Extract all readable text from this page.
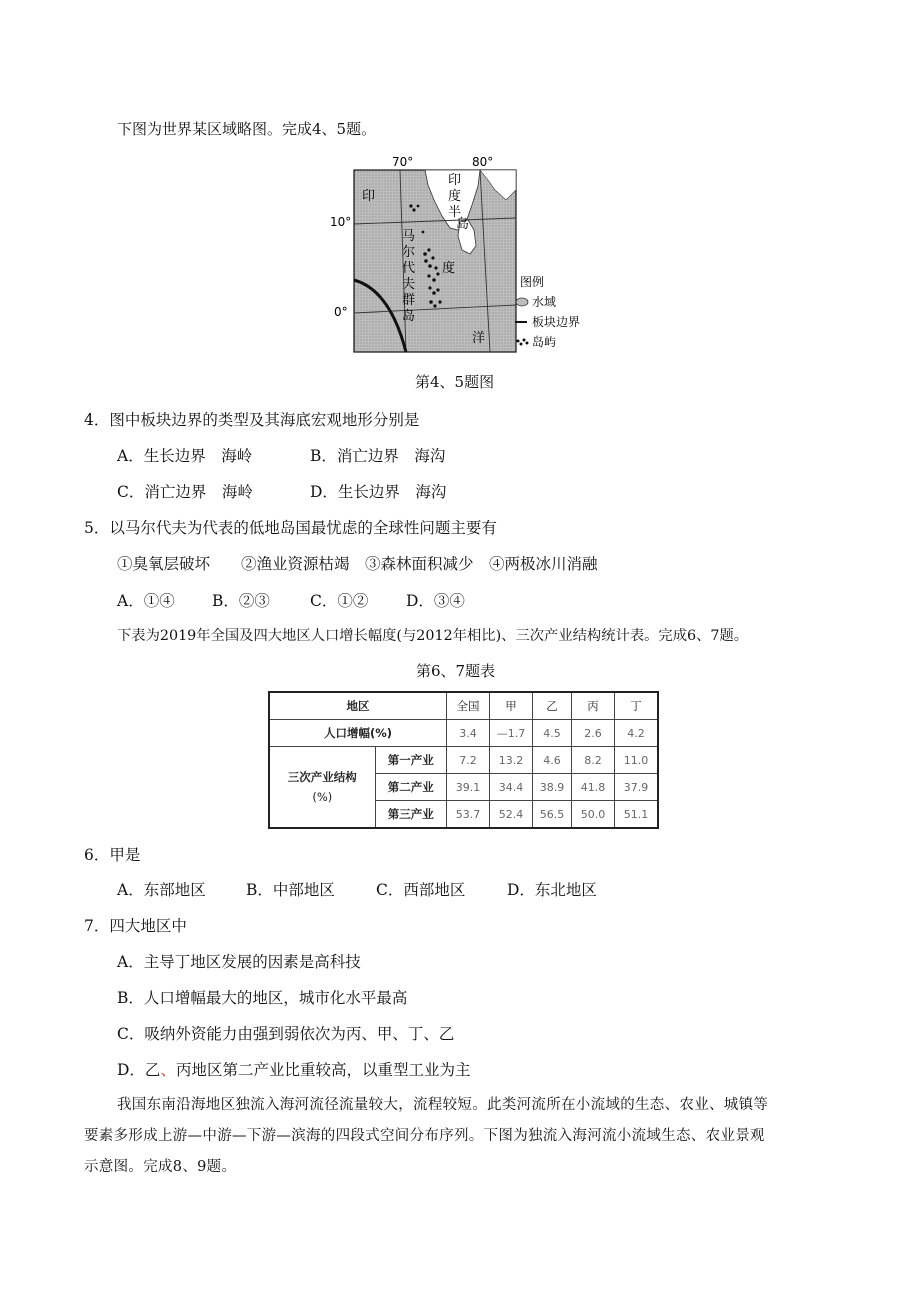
下图为世界某区域略图。完成4、5题。
70°	80°
10°
0°
印
印
度
半
岛
马
尔
代
夫
群
岛
度
洋
图例
水域
板块边界
岛屿
第4、5题图
4．图中板块边界的类型及其海底宏观地形分别是
A．生长边界　海岭	B．消亡边界　海沟
C．消亡边界　海岭	D．生长边界　海沟
5．以马尔代夫为代表的低地岛国最忧虑的全球性问题主要有
①臭氧层破坏　　②渔业资源枯竭　③森林面积减少　④两极冰川消融
A．①④ B．②③	C．①② D．③④
下表为2019年全国及四大地区人口增长幅度(与2012年相比)、三次产业结构统计表。完成6、7题。
第6、7题表
地区		全国	甲	乙	丙	丁
人口增幅(%)		3.4	—1.7	4.5	2.6	4.2

三次产业结构
(%)	第一产业	7.2	13.2	4.6	8.2	11.0
	第二产业	39.1	34.4	38.9	41.8	37.9
	第三产业	53.7	52.4	56.5	50.0	51.1
6．甲是
A．东部地区	B．中部地区	C．西部地区	D．东北地区
7．四大地区中
A．主导丁地区发展的因素是高科技
B．人口增幅最大的地区，城市化水平最高
C．吸纳外资能力由强到弱依次为丙、甲、丁、乙
D．乙、丙地区第二产业比重较高，以重型工业为主
我国东南沿海地区独流入海河流径流量较大，流程较短。此类河流所在小流域的生态、农业、城镇等
要素多形成上游—中游—下游—滨海的四段式空间分布序列。下图为独流入海河流小流域生态、农业景观
示意图。完成8、9题。
